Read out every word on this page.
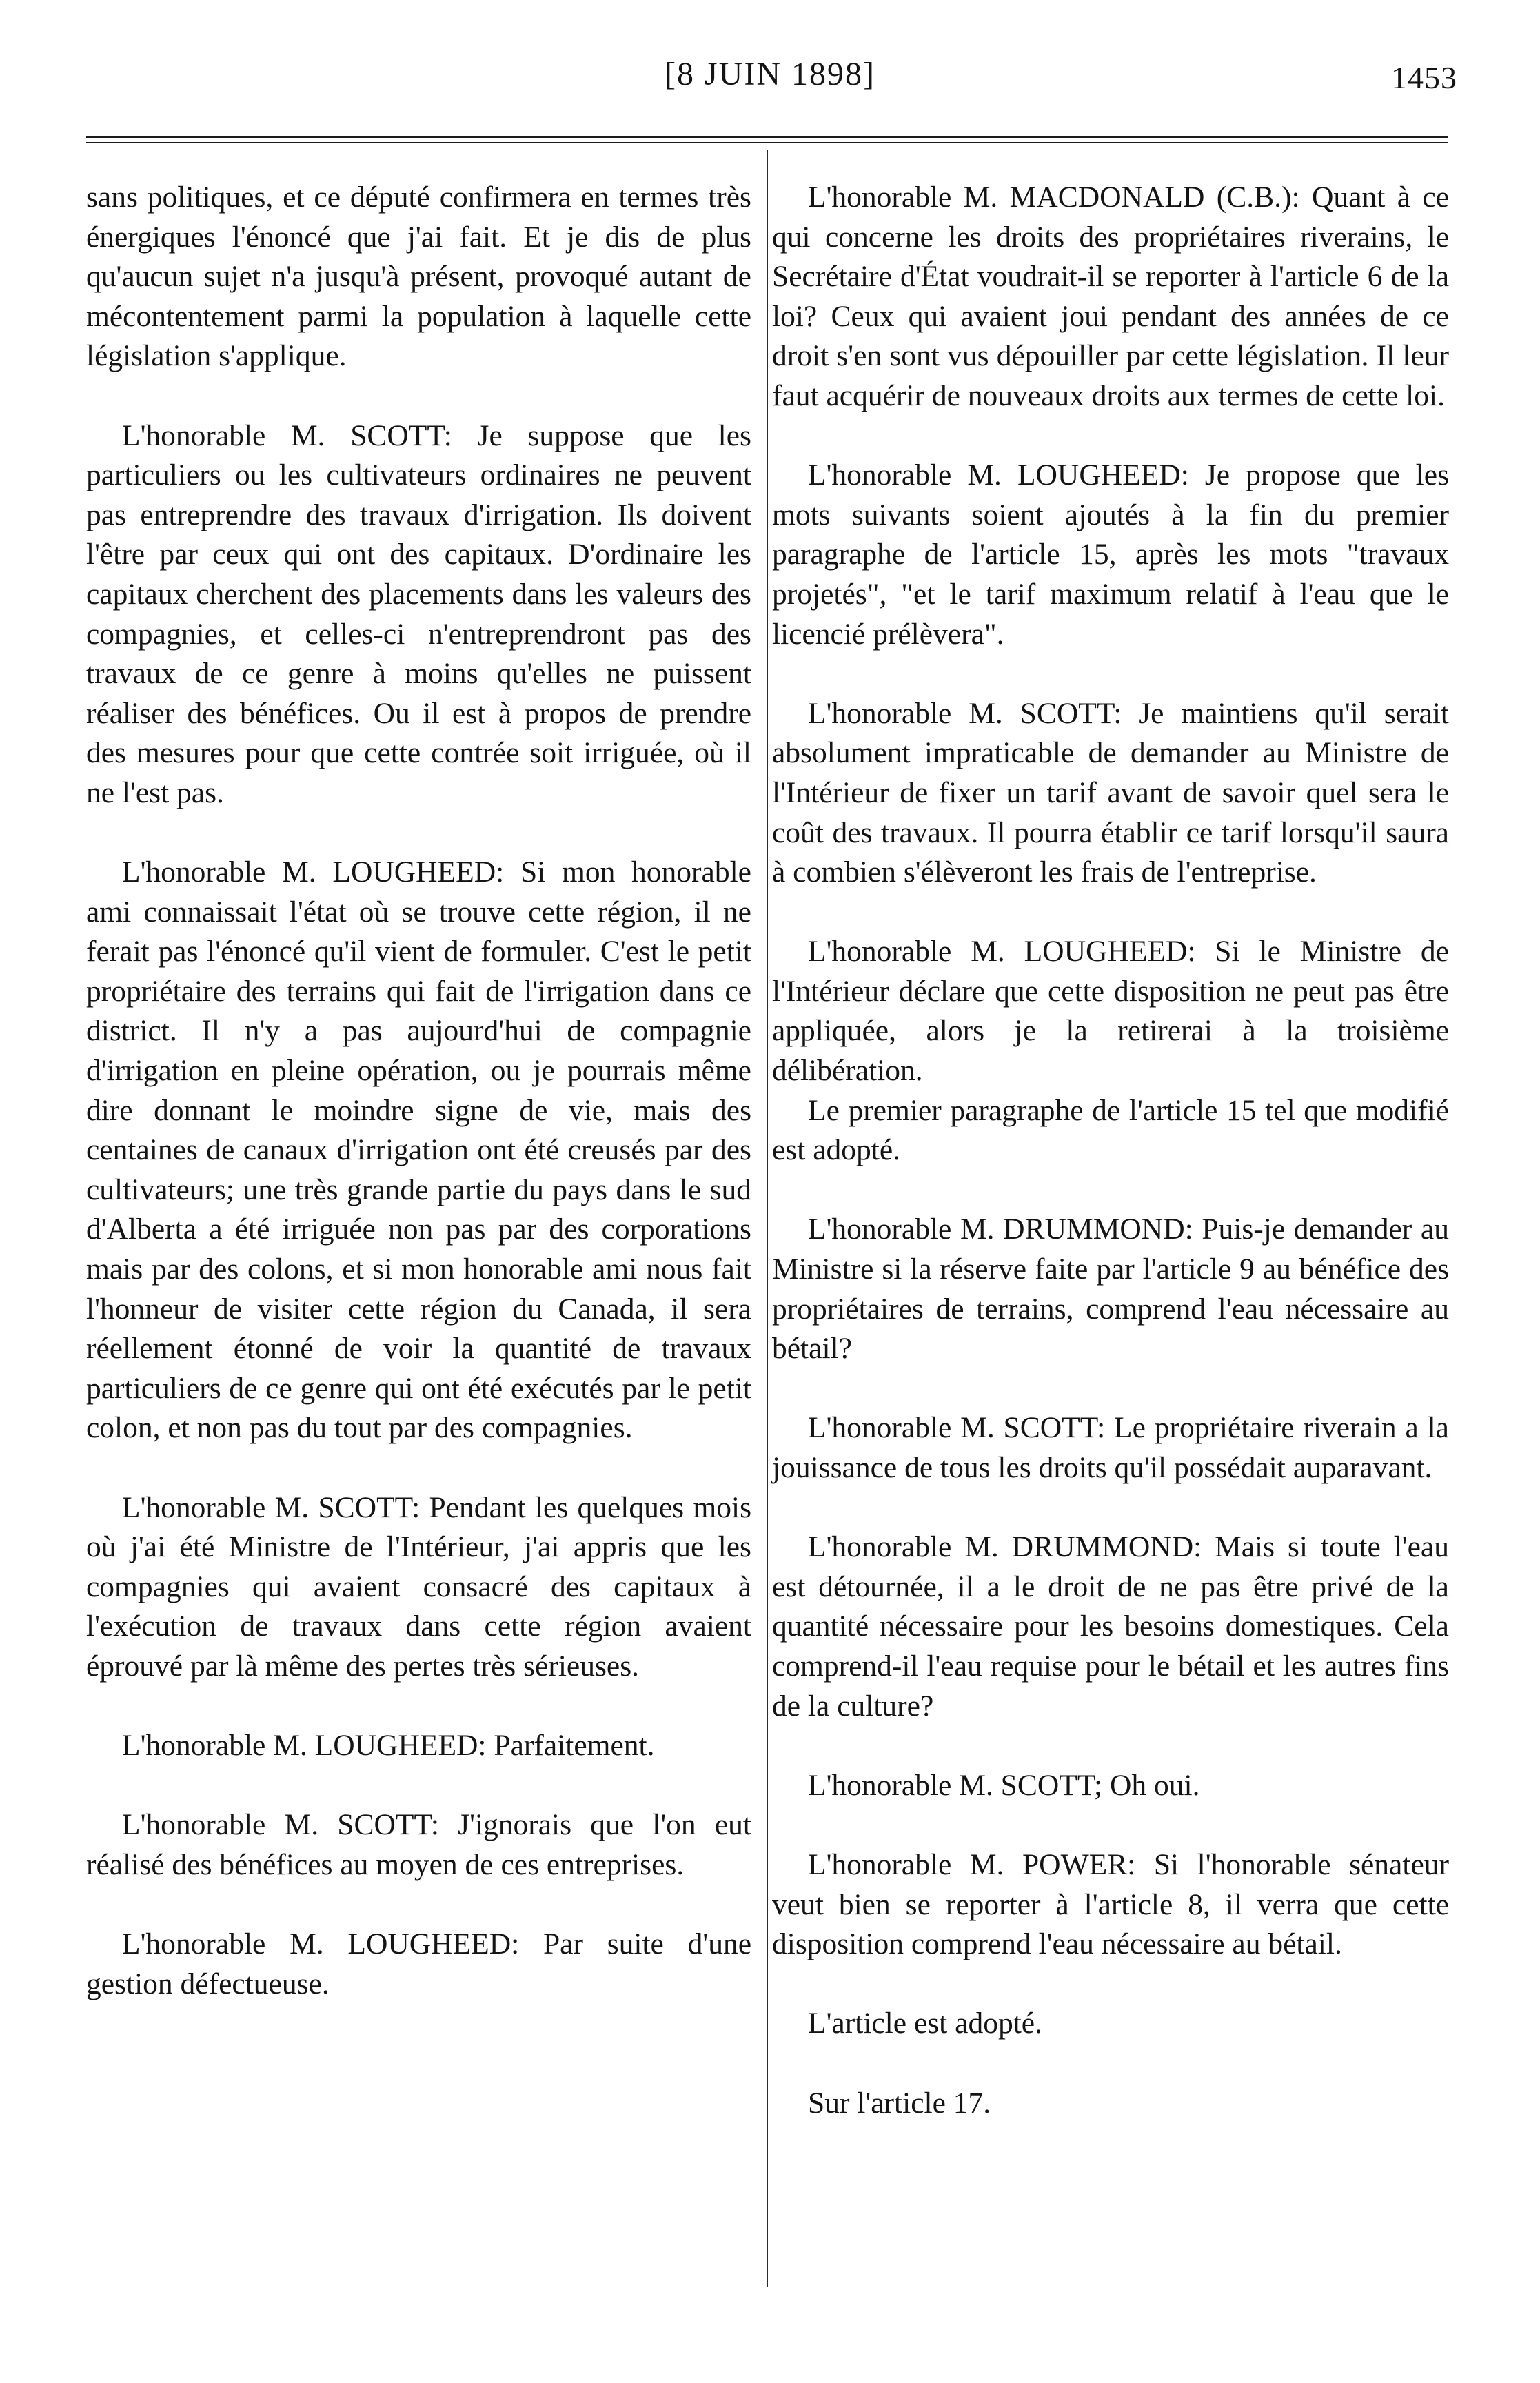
[8 JUIN 1898]	1453

sans politiques, et ce député confirmera en termes très énergiques l'énoncé que j'ai fait. Et je dis de plus qu'aucun sujet n'a jusqu'à présent, provoqué autant de mécontentement parmi la population à laquelle cette législation s'applique.

L'honorable M. SCOTT: Je suppose que les particuliers ou les cultivateurs ordinaires ne peuvent pas entreprendre des travaux d'irrigation. Ils doivent l'être par ceux qui ont des capitaux. D'ordinaire les capitaux cherchent des placements dans les valeurs des compagnies, et celles-ci n'entreprendront pas des travaux de ce genre à moins qu'elles ne puissent réaliser des bénéfices. Ou il est à propos de prendre des mesures pour que cette contrée soit irriguée, où il ne l'est pas.

L'honorable M. LOUGHEED: Si mon honorable ami connaissait l'état où se trouve cette région, il ne ferait pas l'énoncé qu'il vient de formuler. C'est le petit propriétaire des terrains qui fait de l'irrigation dans ce district. Il n'y a pas aujourd'hui de compagnie d'irrigation en pleine opération, ou je pourrais même dire donnant le moindre signe de vie, mais des centaines de canaux d'irrigation ont été creusés par des cultivateurs; une très grande partie du pays dans le sud d'Alberta a été irriguée non pas par des corporations mais par des colons, et si mon honorable ami nous fait l'honneur de visiter cette région du Canada, il sera réellement étonné de voir la quantité de travaux particuliers de ce genre qui ont été exécutés par le petit colon, et non pas du tout par des compagnies.

L'honorable M. SCOTT: Pendant les quelques mois où j'ai été Ministre de l'Intérieur, j'ai appris que les compagnies qui avaient consacré des capitaux à l'exécution de travaux dans cette région avaient éprouvé par là même des pertes très sérieuses.

L'honorable M. LOUGHEED: Parfaitement.

L'honorable M. SCOTT: J'ignorais que l'on eut réalisé des bénéfices au moyen de ces entreprises.

L'honorable M. LOUGHEED: Par suite d'une gestion défectueuse.

L'honorable M. MACDONALD (C.B.): Quant à ce qui concerne les droits des propriétaires riverains, le Secrétaire d'État voudrait-il se reporter à l'article 6 de la loi? Ceux qui avaient joui pendant des années de ce droit s'en sont vus dépouiller par cette législation. Il leur faut acquérir de nouveaux droits aux termes de cette loi.

L'honorable M. LOUGHEED: Je propose que les mots suivants soient ajoutés à la fin du premier paragraphe de l'article 15, après les mots "travaux projetés", "et le tarif maximum relatif à l'eau que le licencié prélèvera".

L'honorable M. SCOTT: Je maintiens qu'il serait absolument impraticable de demander au Ministre de l'Intérieur de fixer un tarif avant de savoir quel sera le coût des travaux. Il pourra établir ce tarif lorsqu'il saura à combien s'élèveront les frais de l'entreprise.

L'honorable M. LOUGHEED: Si le Ministre de l'Intérieur déclare que cette disposition ne peut pas être appliquée, alors je la retirerai à la troisième délibération.

Le premier paragraphe de l'article 15 tel que modifié est adopté.

L'honorable M. DRUMMOND: Puis-je demander au Ministre si la réserve faite par l'article 9 au bénéfice des propriétaires de terrains, comprend l'eau nécessaire au bétail?

L'honorable M. SCOTT: Le propriétaire riverain a la jouissance de tous les droits qu'il possédait auparavant.

L'honorable M. DRUMMOND: Mais si toute l'eau est détournée, il a le droit de ne pas être privé de la quantité nécessaire pour les besoins domestiques. Cela comprend-il l'eau requise pour le bétail et les autres fins de la culture?

L'honorable M. SCOTT; Oh oui.

L'honorable M. POWER: Si l'honorable sénateur veut bien se reporter à l'article 8, il verra que cette disposition comprend l'eau nécessaire au bétail.

L'article est adopté.

Sur l'article 17.
